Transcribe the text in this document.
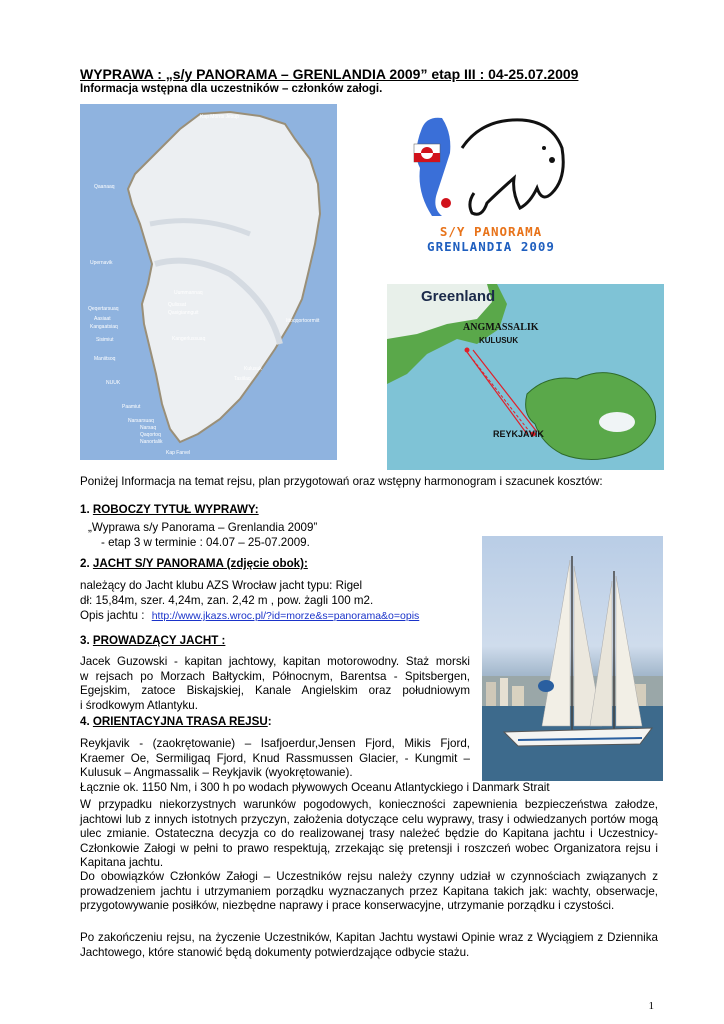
WYPRAWA : „s/y PANORAMA – GRENLANDIA 2009” etap III : 04-25.07.2009
Informacja wstępna dla uczestników – członków załogi.
Kap Morris Jesup
Qaanaaq
Upernavik
Uummannaq
Qeqertarsuaq
Qulissat
Qasigiannguit
Aasiaat
Kangaatsiaq
Sisimiut	Kangerlussuaq
Ittoqqortoormiit
Maniitsoq
Kulusuk
Tasiilaq
NUUK
Paamiut
Narsarsuaq
Narsaq
Qaqortoq
Nanortalik
Kap Farvel
S/Y PANORAMA
GRENLANDIA 2009
Greenland
ANGMASSALIK
KULUSUK
REYKJAVIK
Poniżej Informacja na temat rejsu, plan przygotowań oraz wstępny harmonogram i szacunek kosztów:
1. ROBOCZY TYTUŁ WYPRAWY:
„Wyprawa s/y Panorama – Grenlandia 2009”
- etap 3 w terminie : 04.07 – 25-07.2009.
2. JACHT S/Y PANORAMA (zdjęcie obok):
należący do Jacht klubu AZS Wrocław jacht typu: Rigel
dł: 15,84m, szer. 4,24m, zan. 2,42 m , pow. żagli 100 m2.
Opis jachtu : http://www.jkazs.wroc.pl/?id=morze&s=panorama&o=opis
3. PROWADZĄCY JACHT :
Jacek Guzowski - kapitan jachtowy, kapitan motorowodny. Staż morski
w rejsach po Morzach Bałtyckim, Północnym, Barentsa - Spitsbergen,
Egejskim, zatoce Biskajskiej, Kanale Angielskim oraz południowym
i środkowym Atlantyku.
4. ORIENTACYJNA TRASA REJSU:
Reykjavik - (zaokrętowanie) – Isafjoerdur,Jensen Fjord, Mikis Fjord,
Kraemer Oe, Sermiligaq Fjord, Knud Rassmussen Glacier, - Kungmit –
Kulusuk – Angmassalik – Reykjavik (wyokrętowanie).
Łącznie ok. 1150 Nm, i 300 h po wodach pływowych Oceanu Atlantyckiego i Danmark Strait
W przypadku niekorzystnych warunków pogodowych, konieczności zapewnienia bezpieczeństwa załodze, jachtowi lub z innych istotnych przyczyn, założenia dotyczące celu wyprawy, trasy i odwiedzanych portów mogą ulec zmianie. Ostateczna decyzja co do realizowanej trasy należeć będzie do Kapitana jachtu i Uczestnicy-Członkowie Załogi w pełni to prawo respektują, zrzekając się pretensji i roszczeń wobec Organizatora rejsu i Kapitana jachtu.
Do obowiązków Członków Załogi – Uczestników rejsu należy czynny udział w czynnościach związanych z prowadzeniem jachtu i utrzymaniem porządku wyznaczanych przez Kapitana takich jak: wachty, obserwacje, przygotowywanie posiłków, niezbędne naprawy i prace konserwacyjne, utrzymanie porządku i czystości.
Po zakończeniu rejsu, na życzenie Uczestników, Kapitan Jachtu wystawi Opinie wraz z Wyciągiem z Dziennika Jachtowego, które stanowić będą dokumenty potwierdzające odbycie stażu.
1
